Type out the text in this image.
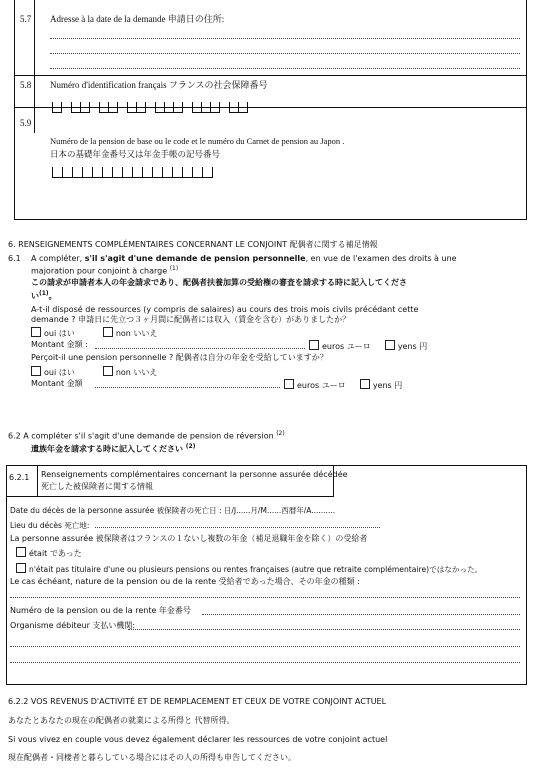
5.7 Adresse à la date de la demande 申請日の住所:
5.8 Numéro d'identification français フランスの社会保障番号
5.9
Numéro de la pension de base ou le code et le numéro du Carnet de pension au Japon .
日本の基礎年金番号又は年金手帳の記号番号
6. RENSEIGNEMENTS COMPLÉMENTAIRES CONCERNANT LE CONJOINT 配偶者に関する補足情報
6.1 A compléter, s'il s'agit d'une demande de pension personnelle, en vue de l'examen des droits à une
majoration pour conjoint à charge $^{(1)}$
この請求が申請者本人の年金請求であり、配偶者扶養加算の受給権の審査を請求する時に記入してくださ
い$^{(1)}$。
A-t-il disposé de ressources (y compris de salaires) au cours des trois mois civils précédant cette
demande ? 申請日に先立つ３ヶ月間に配偶者には収入（賃金を含む）がありましたか？
oui はい	non いいえ
Montant 金額 :	euros ユーロ	yens 円
Perçoit-il une pension personnelle ? 配偶者は自分の年金を受給していますか？
oui はい	non いいえ
Montant 金額	euros ユーロ	yens 円
6.2 A compléter s'il s'agit d'une demande de pension de réversion $^{(2)}$
遺族年金を請求する時に記入してください $^{(2)}$
6.2.1 Renseignements complémentaires concernant la personne assurée décédée
死亡した被保険者に関する情報
Date du décès de la personne assurée 被保険者の死亡日 : 日/J......月/M......西暦年/A..........
Lieu du décès 死亡地:
La personne assurée 被保険者はフランスの１ないし複数の年金（補足退職年金を除く）の受給者
était であった
n'était pas titulaire d'une ou plusieurs pensions ou rentes françaises (autre que retraite complémentaire)ではなかった。
Le cas échéant, nature de la pension ou de la rente 受給者であった場合、その年金の種類 :
Numéro de la pension ou de la rente 年金番号
Organisme débiteur 支払い機関:
6.2.2 VOS REVENUS D'ACTIVITÉ ET DE REMPLACEMENT ET CEUX DE VOTRE CONJOINT ACTUEL
あなたとあなたの現在の配偶者の就業による所得と 代替所得。
Si vous vivez en couple vous devez également déclarer les ressources de votre conjoint actuel
現在配偶者・同棲者と暮らしている場合にはその人の所得も申告してください。
